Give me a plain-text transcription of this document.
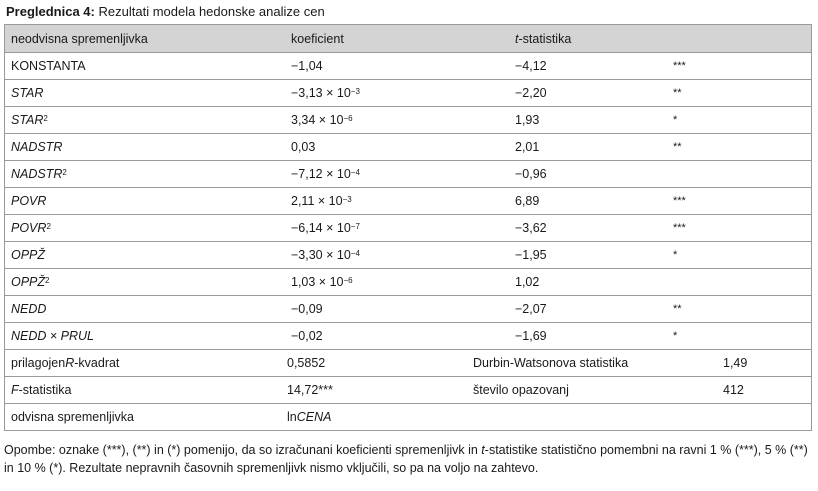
Preglednica 4: Rezultati modela hedonske analize cen
neodvisna spremenljivka	koeficient	t -statistika
KONSTANTA	−1,04	−4,12	***
STAR	$-3,13 \times 10^{-3}$	−2,20	**
STAR$^2$	$3,34 \times 10^{-6}$	1,93	*
NADSTR	0,03	2,01	**
$NADSTR^2$	$-7,12 \times 10^{-4}$	−0,96
POVR	$2,11 \times 10^{-3}$	6,89	***
$POVR^2$	$-6,14 \times 10^{-7}$	−3,62	***
OPPŽ	$-3,30 \times 10^{-4}$	−1,95	*
OPPŽ$^2$	$1,03 \times 10^{-6}$	1,02
NEDD	−0,09	−2,07	**
NEDD × PRUL	−0,02	−1,69	*
prilagojen R -kvadrat	0,5852	Durbin-Watsonova statistika	1,49
F -statistika	14,72***	število opazovanj	412
odvisna spremenljivka	ln CENA
Opombe: oznake (***), (**) in (*) pomenijo, da so izračunani koeficienti spremenljivk in t-statistike statistično pomembni na ravni 1 % (***), 5 % (**) in 10 % (*). Rezultate nepravnih časovnih spremenljivk nismo vključili, so pa na voljo na zahtevo.
